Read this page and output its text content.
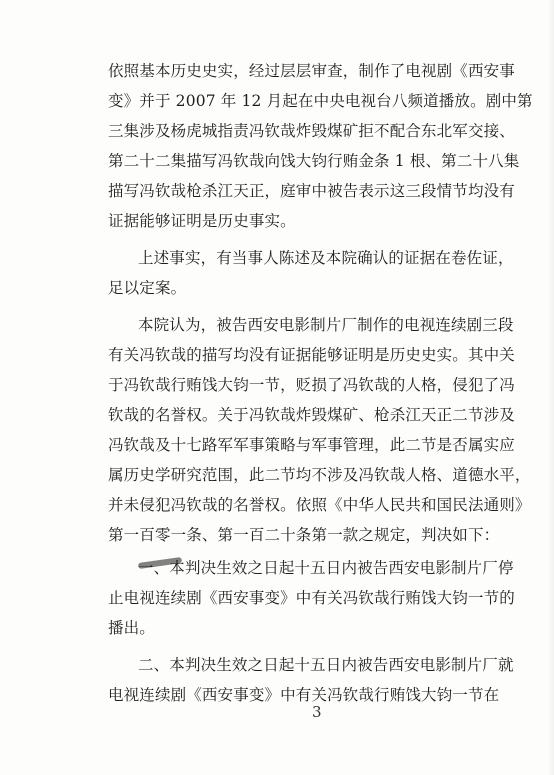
依照基本历史史实，经过层层审查，制作了电视剧《西安事
变》并于 2007 年 12 月起在中央电视台八频道播放。剧中第
三集涉及杨虎城指责冯钦哉炸毁煤矿拒不配合东北军交接、
第二十二集描写冯钦哉向饯大钧行贿金条 1 根、第二十八集
描写冯钦哉枪杀江天正，庭审中被告表示这三段情节均没有
证据能够证明是历史事实。
上述事实，有当事人陈述及本院确认的证据在卷佐证，
足以定案。
本院认为，被告西安电影制片厂制作的电视连续剧三段
有关冯钦哉的描写均没有证据能够证明是历史史实。其中关
于冯钦哉行贿饯大钧一节，贬损了冯钦哉的人格，侵犯了冯
钦哉的名誉权。关于冯钦哉炸毁煤矿、枪杀江天正二节涉及
冯钦哉及十七路军军事策略与军事管理，此二节是否属实应
属历史学研究范围，此二节均不涉及冯钦哉人格、道德水平，
并未侵犯冯钦哉的名誉权。依照《中华人民共和国民法通则》
第一百零一条、第一百二十条第一款之规定，判决如下：
一、本判决生效之日起十五日内被告西安电影制片厂停
止电视连续剧《西安事变》中有关冯钦哉行贿饯大钧一节的
播出。
二、本判决生效之日起十五日内被告西安电影制片厂就
电视连续剧《西安事变》中有关冯钦哉行贿饯大钧一节在
3
